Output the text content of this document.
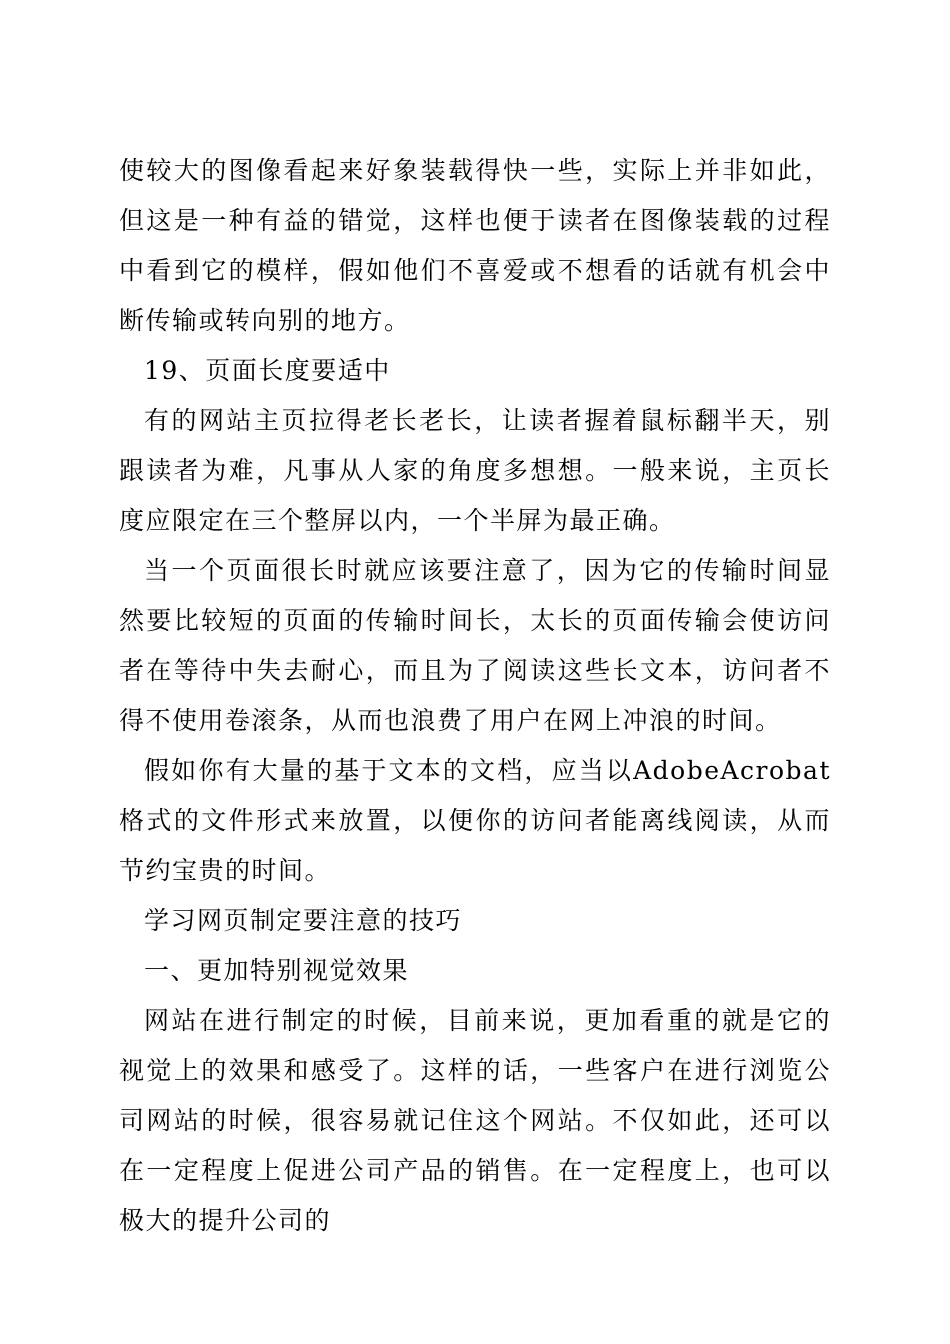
使较大的图像看起来好象装载得快一些，实际上并非如此，但这是一种有益的错觉，这样也便于读者在图像装载的过程中看到它的模样，假如他们不喜爱或不想看的话就有机会中断传输或转向别的地方。

19、页面长度要适中

有的网站主页拉得老长老长，让读者握着鼠标翻半天，别跟读者为难，凡事从人家的角度多想想。一般来说，主页长度应限定在三个整屏以内，一个半屏为最正确。

当一个页面很长时就应该要注意了，因为它的传输时间显然要比较短的页面的传输时间长，太长的页面传输会使访问者在等待中失去耐心，而且为了阅读这些长文本，访问者不得不使用卷滚条，从而也浪费了用户在网上冲浪的时间。

假如你有大量的基于文本的文档，应当以AdobeAcrobat格式的文件形式来放置，以便你的访问者能离线阅读，从而节约宝贵的时间。

学习网页制定要注意的技巧

一、更加特别视觉效果

网站在进行制定的时候，目前来说，更加看重的就是它的视觉上的效果和感受了。这样的话，一些客户在进行浏览公司网站的时候，很容易就记住这个网站。不仅如此，还可以在一定程度上促进公司产品的销售。在一定程度上，也可以极大的提升公司的
